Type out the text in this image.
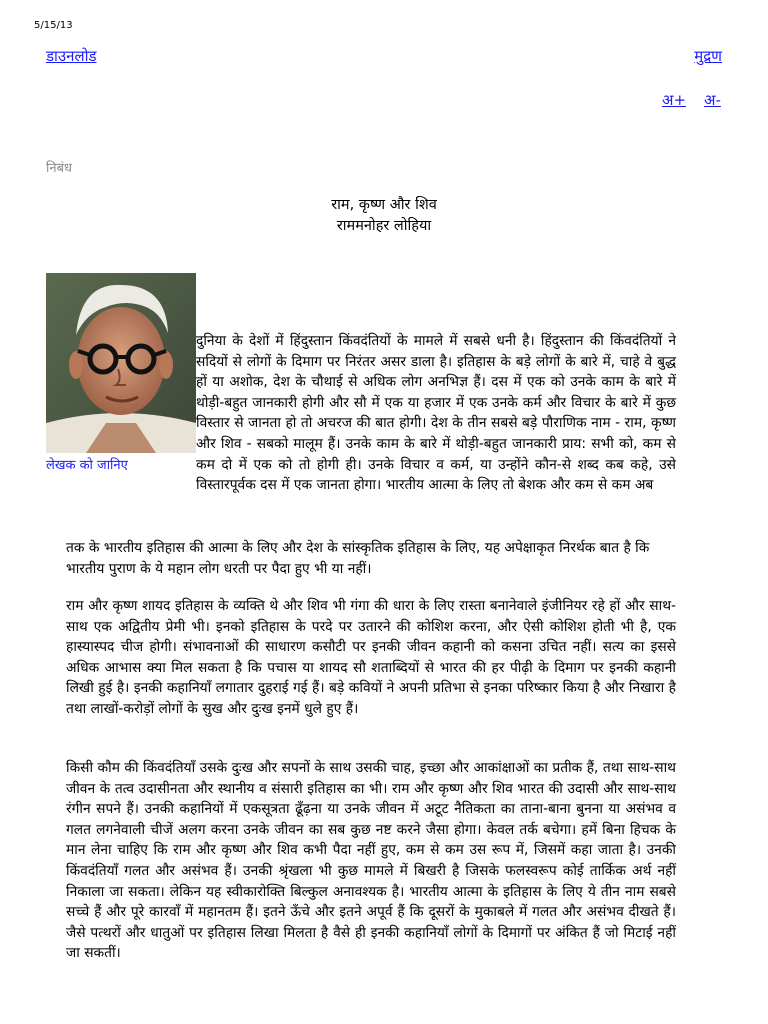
5/15/13
डाउनलोड	मुद्रण
अ+ अ-
निबंध
राम, कृष्ण और शिव
राममनोहर लोहिया
लेखक को जानिए
दुनिया के देशों में हिंदुस्तान किंवदंतियों के मामले में सबसे धनी है। हिंदुस्तान की किंवदंतियों ने सदियों से लोगों के दिमाग पर निरंतर असर डाला है। इतिहास के बड़े लोगों के बारे में, चाहे वे बुद्ध हों या अशोक, देश के चौथाई से अधिक लोग अनभिज्ञ हैं। दस में एक को उनके काम के बारे में थोड़ी-बहुत जानकारी होगी और सौ में एक या हजार में एक उनके कर्म और विचार के बारे में कुछ विस्तार से जानता हो तो अचरज की बात होगी। देश के तीन सबसे बड़े पौराणिक नाम - राम, कृष्ण और शिव - सबको मालूम हैं। उनके काम के बारे में थोड़ी-बहुत जानकारी प्राय: सभी को, कम से कम दो में एक को तो होगी ही। उनके विचार व कर्म, या उन्होंने कौन-से शब्द कब कहे, उसे विस्तारपूर्वक दस में एक जानता होगा। भारतीय आत्मा के लिए तो बेशक और कम से कम अब
तक के भारतीय इतिहास की आत्मा के लिए और देश के सांस्कृतिक इतिहास के लिए, यह अपेक्षाकृत निरर्थक बात है कि भारतीय पुराण के ये महान लोग धरती पर पैदा हुए भी या नहीं।
राम और कृष्ण शायद इतिहास के व्यक्ति थे और शिव भी गंगा की धारा के लिए रास्ता बनानेवाले इंजीनियर रहे हों और साथ-साथ एक अद्वितीय प्रेमी भी। इनको इतिहास के परदे पर उतारने की कोशिश करना, और ऐसी कोशिश होती भी है, एक हास्यास्पद चीज होगी। संभावनाओं की साधारण कसौटी पर इनकी जीवन कहानी को कसना उचित नहीं। सत्य का इससे अधिक आभास क्या मिल सकता है कि पचास या शायद सौ शताब्दियों से भारत की हर पीढ़ी के दिमाग पर इनकी कहानी लिखी हुई है। इनकी कहानियाँ लगातार दुहराई गई हैं। बड़े कवियों ने अपनी प्रतिभा से इनका परिष्कार किया है और निखारा है तथा लाखों-करोड़ों लोगों के सुख और दुःख इनमें धुले हुए हैं।
किसी कौम की किंवदंतियाँ उसके दुःख और सपनों के साथ उसकी चाह, इच्छा और आकांक्षाओं का प्रतीक हैं, तथा साथ-साथ जीवन के तत्व उदासीनता और स्थानीय व संसारी इतिहास का भी। राम और कृष्ण और शिव भारत की उदासी और साथ-साथ रंगीन सपने हैं। उनकी कहानियों में एकसूत्रता ढूँढ़ना या उनके जीवन में अटूट नैतिकता का ताना-बाना बुनना या असंभव व गलत लगनेवाली चीजें अलग करना उनके जीवन का सब कुछ नष्ट करने जैसा होगा। केवल तर्क बचेगा। हमें बिना हिचक के मान लेना चाहिए कि राम और कृष्ण और शिव कभी पैदा नहीं हुए, कम से कम उस रूप में, जिसमें कहा जाता है। उनकी किंवदंतियाँ गलत और असंभव हैं। उनकी श्रृंखला भी कुछ मामले में बिखरी है जिसके फलस्वरूप कोई तार्किक अर्थ नहीं निकाला जा सकता। लेकिन यह स्वीकारोक्ति बिल्कुल अनावश्यक है। भारतीय आत्मा के इतिहास के लिए ये तीन नाम सबसे सच्चे हैं और पूरे कारवाँ में महानतम हैं। इतने ऊँचे और इतने अपूर्व हैं कि दूसरों के मुकाबले में गलत और असंभव दीखते हैं। जैसे पत्थरों और धातुओं पर इतिहास लिखा मिलता है वैसे ही इनकी कहानियाँ लोगों के दिमागों पर अंकित हैं जो मिटाई नहीं जा सकतीं।
